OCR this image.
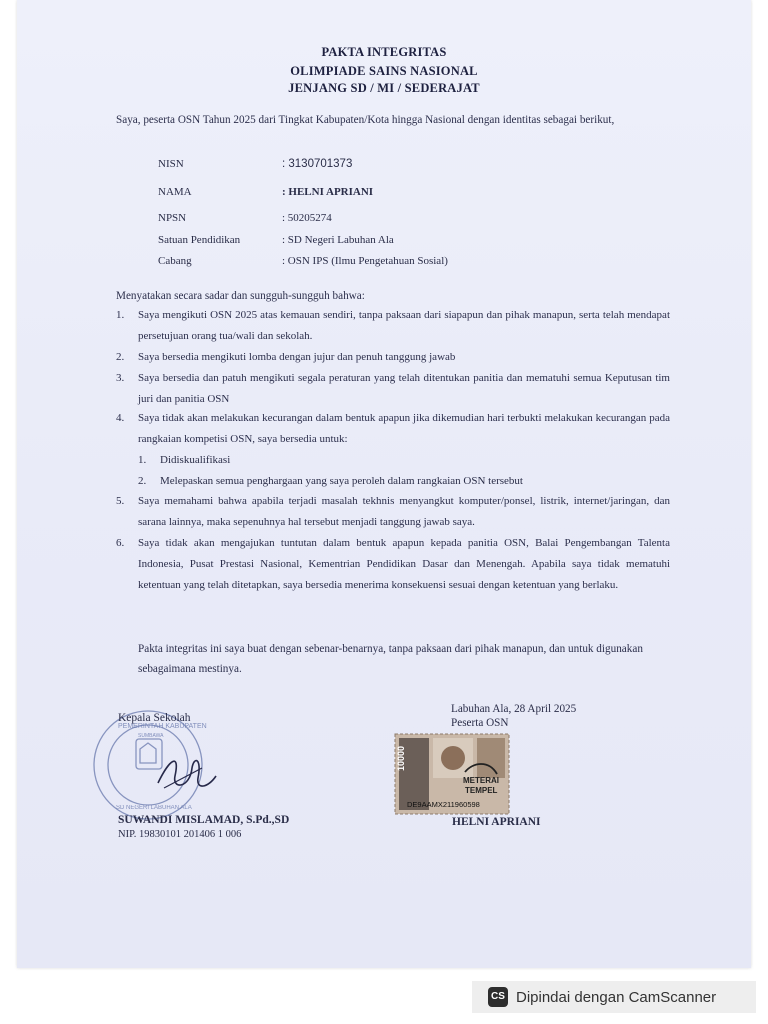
PAKTA INTEGRITAS
OLIMPIADE SAINS NASIONAL
JENJANG SD / MI / SEDERAJAT
Saya, peserta OSN Tahun 2025 dari Tingkat Kabupaten/Kota hingga Nasional dengan identitas sebagai berikut,
NISN	: 3130701373
NAMA	: HELNI APRIANI
NPSN	: 50205274
Satuan Pendidikan	: SD Negeri Labuhan Ala
Cabang	: OSN IPS (Ilmu Pengetahuan Sosial)
Menyatakan secara sadar dan sungguh-sungguh bahwa:
1. Saya mengikuti OSN 2025 atas kemauan sendiri, tanpa paksaan dari siapapun dan pihak manapun, serta telah mendapat persetujuan orang tua/wali dan sekolah.
2. Saya bersedia mengikuti lomba dengan jujur dan penuh tanggung jawab
3. Saya bersedia dan patuh mengikuti segala peraturan yang telah ditentukan panitia dan mematuhi semua Keputusan tim juri dan panitia OSN
4. Saya tidak akan melakukan kecurangan dalam bentuk apapun jika dikemudian hari terbukti melakukan kecurangan pada rangkaian kompetisi OSN, saya bersedia untuk:
1. Didiskualifikasi
2. Melepaskan semua penghargaan yang saya peroleh dalam rangkaian OSN tersebut
5. Saya memahami bahwa apabila terjadi masalah tekhnis menyangkut komputer/ponsel, listrik, internet/jaringan, dan sarana lainnya, maka sepenuhnya hal tersebut menjadi tanggung jawab saya.
6. Saya tidak akan mengajukan tuntutan dalam bentuk apapun kepada panitia OSN, Balai Pengembangan Talenta Indonesia, Pusat Prestasi Nasional, Kementrian Pendidikan Dasar dan Menengah. Apabila saya tidak mematuhi ketentuan yang telah ditetapkan, saya bersedia menerima konsekuensi sesuai dengan ketentuan yang berlaku.
Pakta integritas ini saya buat dengan sebenar-benarnya, tanpa paksaan dari pihak manapun, dan untuk digunakan sebagaimana mestinya.
PEMERINTAH KABUPATEN
SUMBAWA
SD NEGERI LABUHAN ALA
Kepala Sekolah
SUWANDI MISLAMAD, S.Pd.,SD
NIP. 19830101 201406 1 006
Labuhan Ala, 28 April 2025
Peserta OSN
10000
METERAI
TEMPEL
DE9AAMX211960598
HELNI APRIANI
CS Dipindai dengan CamScanner
